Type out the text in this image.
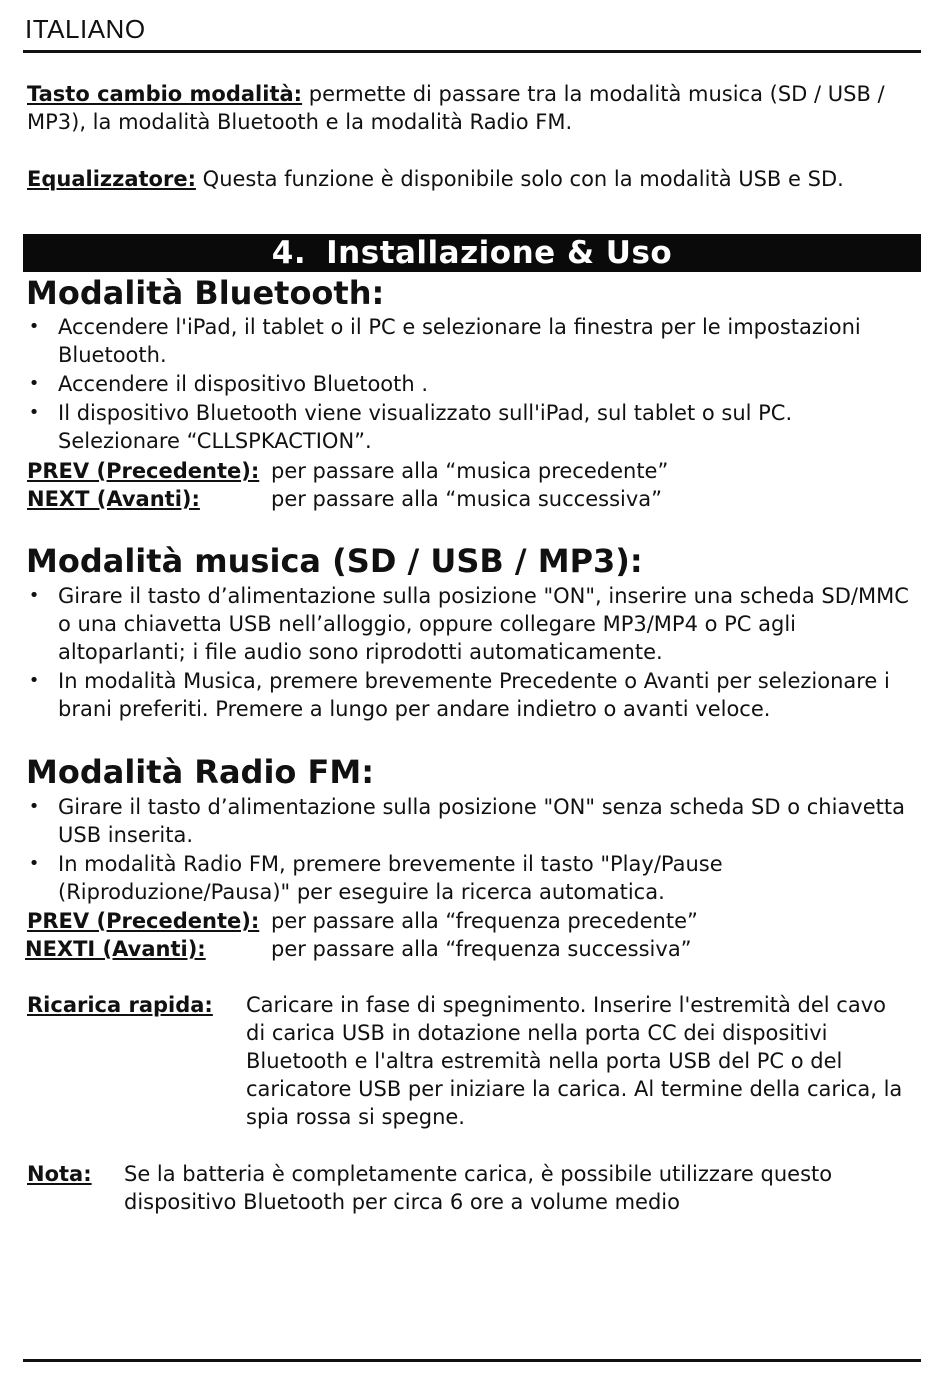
ITALIANO
Tasto cambio modalità: permette di passare tra la modalità musica (SD / USB / MP3), la modalità Bluetooth e la modalità Radio FM.
Equalizzatore: Questa funzione è disponibile solo con la modalità USB e SD.
4. Installazione & Uso
Modalità Bluetooth:
• Accendere l'iPad, il tablet o il PC e selezionare la finestra per le impostazioni Bluetooth.
• Accendere il dispositivo Bluetooth .
• Il dispositivo Bluetooth viene visualizzato sull'iPad, sul tablet o sul PC. Selezionare “CLLSPKACTION”.
PREV (Precedente): per passare alla “musica precedente”
NEXT (Avanti):	per passare alla “musica successiva”
Modalità musica (SD / USB / MP3):
• Girare il tasto d’alimentazione sulla posizione "ON", inserire una scheda SD/MMC o una chiavetta USB nell’alloggio, oppure collegare MP3/MP4 o PC agli altoparlanti; i file audio sono riprodotti automaticamente.
• In modalità Musica, premere brevemente Precedente o Avanti per selezionare i brani preferiti. Premere a lungo per andare indietro o avanti veloce.
Modalità Radio FM:
• Girare il tasto d’alimentazione sulla posizione "ON" senza scheda SD o chiavetta USB inserita.
• In modalità Radio FM, premere brevemente il tasto "Play/Pause (Riproduzione/Pausa)" per eseguire la ricerca automatica.
PREV (Precedente): per passare alla “frequenza precedente”
NEXTI (Avanti):	per passare alla “frequenza successiva”
Ricarica rapida: Caricare in fase di spegnimento. Inserire l'estremità del cavo di carica USB in dotazione nella porta CC dei dispositivi Bluetooth e l'altra estremità nella porta USB del PC o del caricatore USB per iniziare la carica. Al termine della carica, la spia rossa si spegne.
Nota: Se la batteria è completamente carica, è possibile utilizzare questo dispositivo Bluetooth per circa 6 ore a volume medio
